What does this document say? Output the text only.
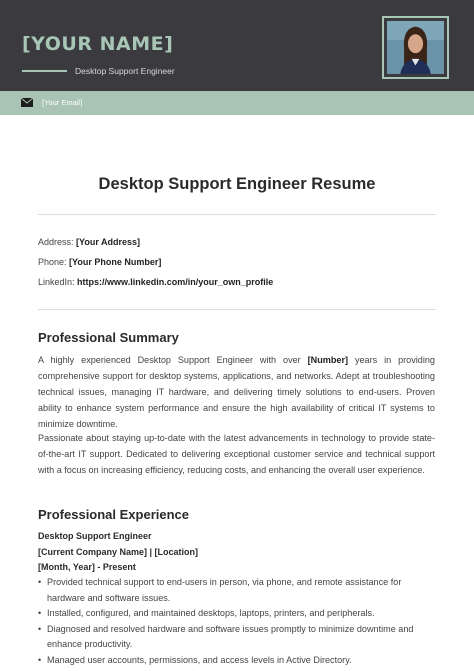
[YOUR NAME]
Desktop Support Engineer
[Your Email]
Desktop Support Engineer Resume
Address: [Your Address]
Phone: [Your Phone Number]
LinkedIn: https://www.linkedin.com/in/your_own_profile
Professional Summary
A highly experienced Desktop Support Engineer with over [Number] years in providing comprehensive support for desktop systems, applications, and networks. Adept at troubleshooting technical issues, managing IT hardware, and delivering timely solutions to end-users. Proven ability to enhance system performance and ensure the high availability of critical IT systems to minimize downtime.
Passionate about staying up-to-date with the latest advancements in technology to provide state-of-the-art IT support. Dedicated to delivering exceptional customer service and technical support with a focus on increasing efficiency, reducing costs, and enhancing the overall user experience.
Professional Experience
Desktop Support Engineer
[Current Company Name] | [Location]
[Month, Year] - Present
• Provided technical support to end-users in person, via phone, and remote assistance for hardware and software issues.
• Installed, configured, and maintained desktops, laptops, printers, and peripherals.
• Diagnosed and resolved hardware and software issues promptly to minimize downtime and enhance productivity.
• Managed user accounts, permissions, and access levels in Active Directory.
